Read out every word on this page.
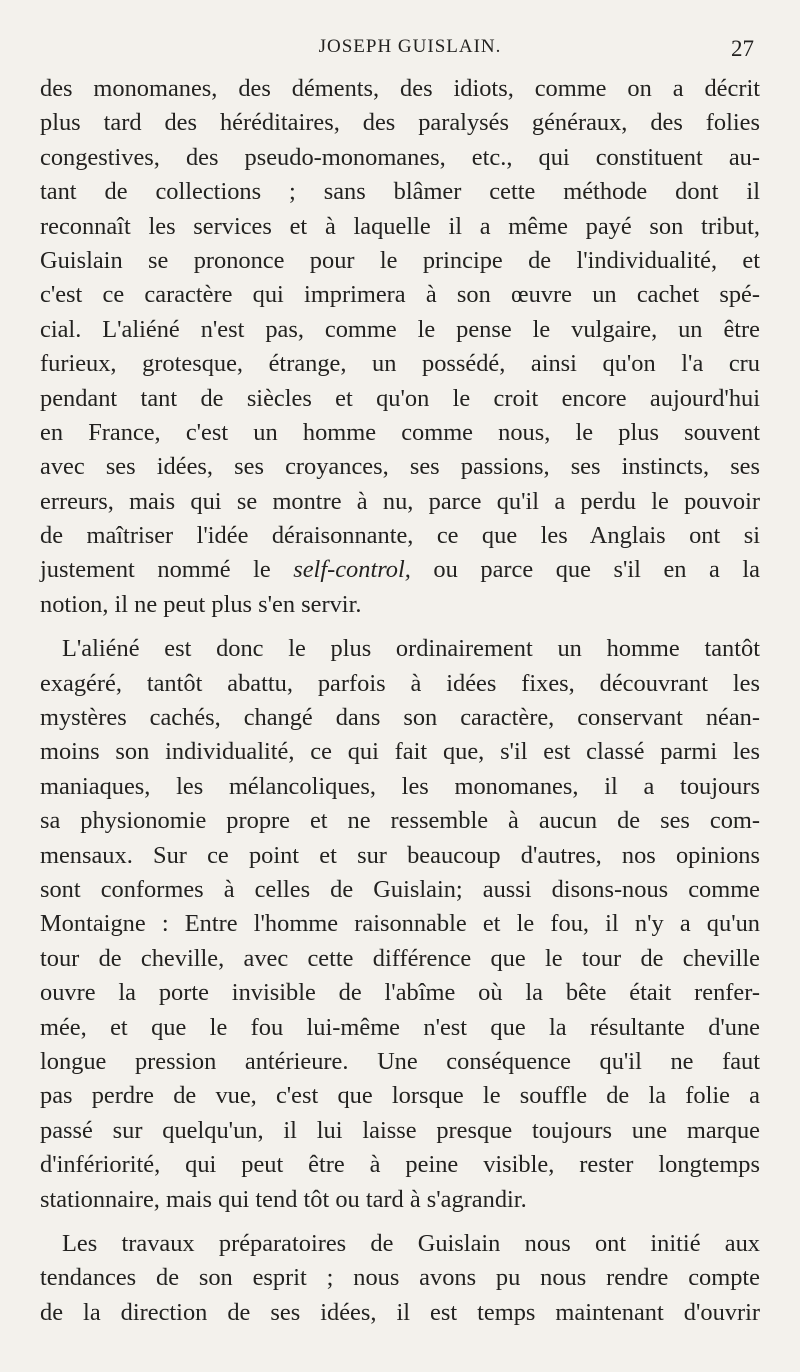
JOSEPH GUISLAIN.	27
des monomanes, des déments, des idiots, comme on a décrit
plus tard des héréditaires, des paralysés généraux, des folies
congestives, des pseudo-monomanes, etc., qui constituent au-
tant de collections ; sans blâmer cette méthode dont il
reconnaît les services et à laquelle il a même payé son tribut,
Guislain se prononce pour le principe de l'individualité, et
c'est ce caractère qui imprimera à son œuvre un cachet spé-
cial. L'aliéné n'est pas, comme le pense le vulgaire, un être
furieux, grotesque, étrange, un possédé, ainsi qu'on l'a cru
pendant tant de siècles et qu'on le croit encore aujourd'hui
en France, c'est un homme comme nous, le plus souvent
avec ses idées, ses croyances, ses passions, ses instincts, ses
erreurs, mais qui se montre à nu, parce qu'il a perdu le pouvoir
de maîtriser l'idée déraisonnante, ce que les Anglais ont si
justement nommé le self-control, ou parce que s'il en a la
notion, il ne peut plus s'en servir.
L'aliéné est donc le plus ordinairement un homme tantôt
exagéré, tantôt abattu, parfois à idées fixes, découvrant les
mystères cachés, changé dans son caractère, conservant néan-
moins son individualité, ce qui fait que, s'il est classé parmi les
maniaques, les mélancoliques, les monomanes, il a toujours
sa physionomie propre et ne ressemble à aucun de ses com-
mensaux. Sur ce point et sur beaucoup d'autres, nos opinions
sont conformes à celles de Guislain; aussi disons-nous comme
Montaigne : Entre l'homme raisonnable et le fou, il n'y a qu'un
tour de cheville, avec cette différence que le tour de cheville
ouvre la porte invisible de l'abîme où la bête était renfer-
mée, et que le fou lui-même n'est que la résultante d'une
longue pression antérieure. Une conséquence qu'il ne faut
pas perdre de vue, c'est que lorsque le souffle de la folie a
passé sur quelqu'un, il lui laisse presque toujours une marque
d'infériorité, qui peut être à peine visible, rester longtemps
stationnaire, mais qui tend tôt ou tard à s'agrandir.
Les travaux préparatoires de Guislain nous ont initié aux
tendances de son esprit ; nous avons pu nous rendre compte
de la direction de ses idées, il est temps maintenant d'ouvrir
